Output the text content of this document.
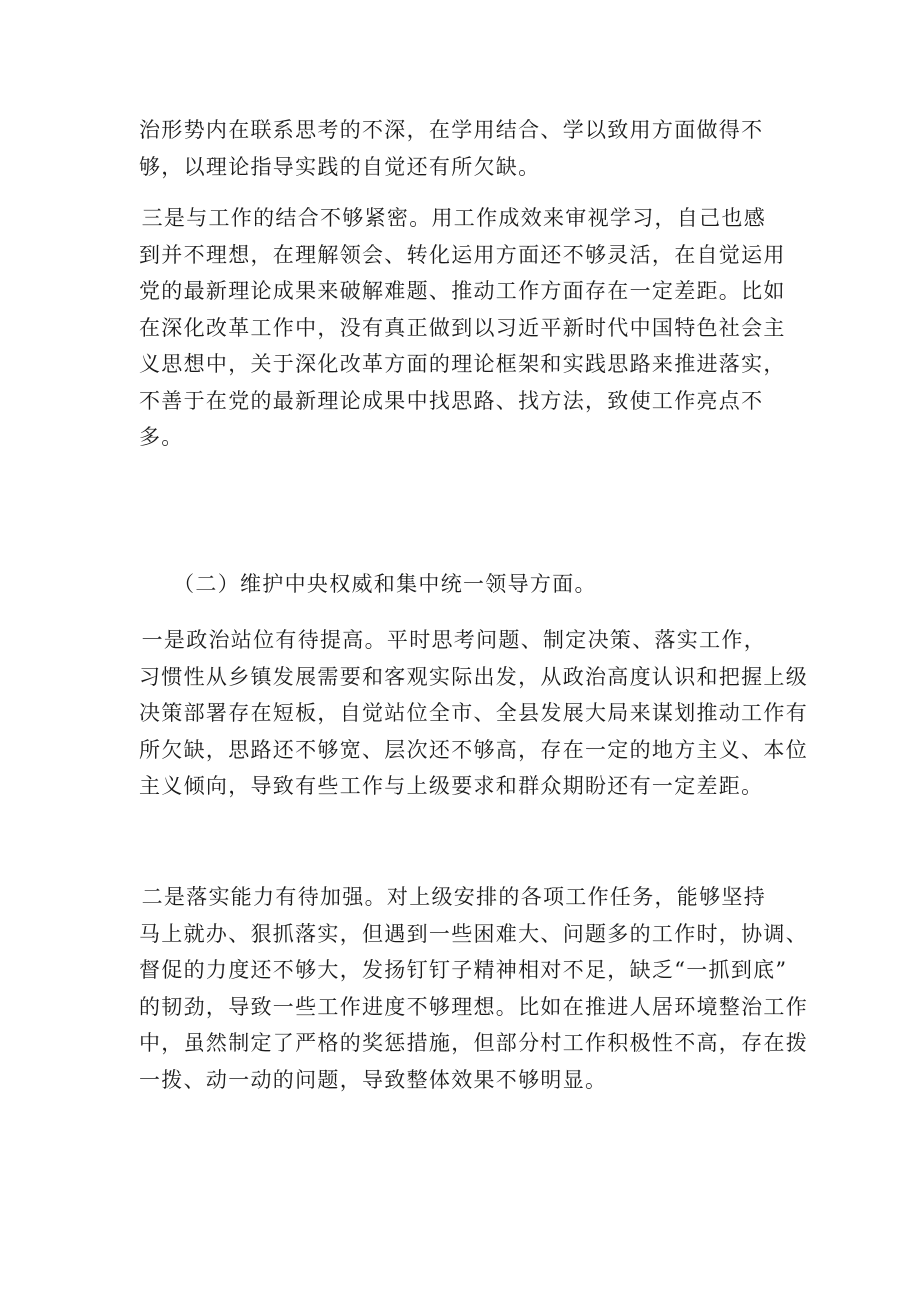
治形势内在联系思考的不深，在学用结合、学以致用方面做得不
够，以理论指导实践的自觉还有所欠缺。

　　三是与工作的结合不够紧密。用工作成效来审视学习，自己也感
到并不理想，在理解领会、转化运用方面还不够灵活，在自觉运用
党的最新理论成果来破解难题、推动工作方面存在一定差距。比如
在深化改革工作中，没有真正做到以习近平新时代中国特色社会主
义思想中，关于深化改革方面的理论框架和实践思路来推进落实，
不善于在党的最新理论成果中找思路、找方法，致使工作亮点不
多。

　　（二）维护中央权威和集中统一领导方面。

　　一是政治站位有待提高。平时思考问题、制定决策、落实工作，
习惯性从乡镇发展需要和客观实际出发，从政治高度认识和把握上级
决策部署存在短板，自觉站位全市、全县发展大局来谋划推动工作有
所欠缺，思路还不够宽、层次还不够高，存在一定的地方主义、本位
主义倾向，导致有些工作与上级要求和群众期盼还有一定差距。

　　二是落实能力有待加强。对上级安排的各项工作任务，能够坚持
马上就办、狠抓落实，但遇到一些困难大、问题多的工作时，协调、
督促的力度还不够大，发扬钉钉子精神相对不足，缺乏“一抓到底”
的韧劲，导致一些工作进度不够理想。比如在推进人居环境整治工作
中，虽然制定了严格的奖惩措施，但部分村工作积极性不高，存在拨
一拨、动一动的问题，导致整体效果不够明显。
